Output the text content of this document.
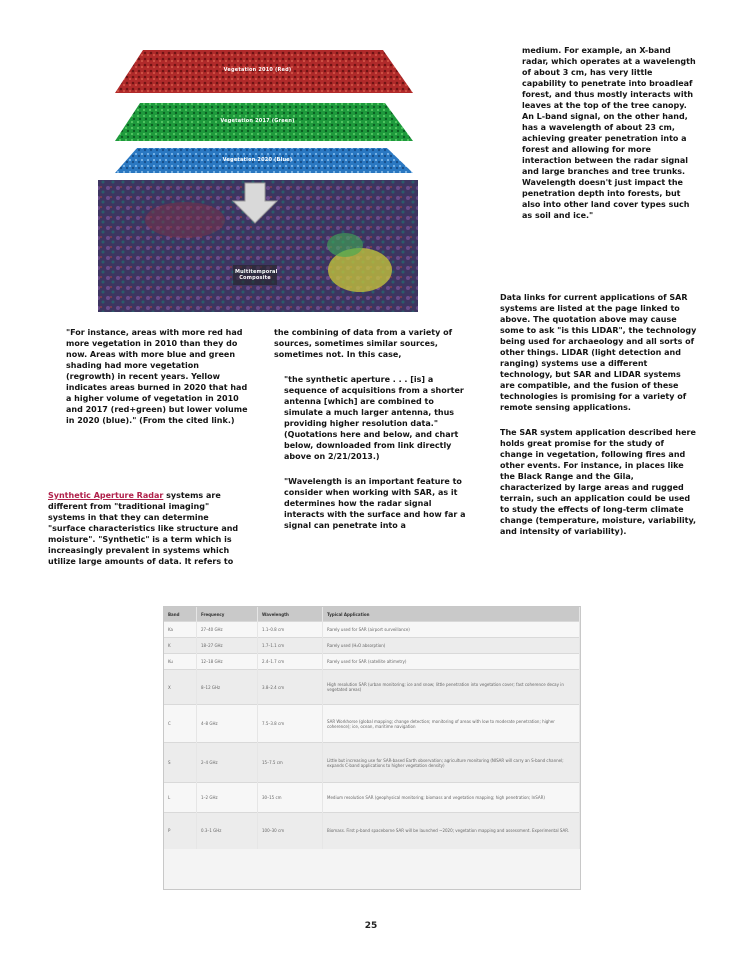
Vegetation 2010 (Red)
Vegetation 2017 (Green)
Vegetation 2020 (Blue)
Multitemporal Composite

"For instance, areas with more red had more vegetation in 2010 than they do now. Areas with more blue and green shading had more vegetation (regrowth) in recent years. Yellow indicates areas burned in 2020 that had a higher volume of vegetation in 2010 and 2017 (red+green) but lower volume in 2020 (blue)." (From the cited link.)

Synthetic Aperture Radar systems are different from "traditional imaging" systems in that they can determine "surface characteristics like structure and moisture". "Synthetic" is a term which is increasingly prevalent in systems which utilize large amounts of data. It refers to

the combining of data from a variety of sources, sometimes similar sources, sometimes not. In this case,

"the synthetic aperture . . . [is] a sequence of acquisitions from a shorter antenna [which] are combined to simulate a much larger antenna, thus providing higher resolution data." (Quotations here and below, and chart below, downloaded from link directly above on 2/21/2013.)

"Wavelength is an important feature to consider when working with SAR, as it determines how the radar signal interacts with the surface and how far a signal can penetrate into a

medium. For example, an X-band radar, which operates at a wavelength of about 3 cm, has very little capability to penetrate into broadleaf forest, and thus mostly interacts with leaves at the top of the tree canopy. An L-band signal, on the other hand, has a wavelength of about 23 cm, achieving greater penetration into a forest and allowing for more interaction between the radar signal and large branches and tree trunks. Wavelength doesn't just impact the penetration depth into forests, but also into other land cover types such as soil and ice."

Data links for current applications of SAR systems are listed at the page linked to above. The quotation above may cause some to ask "is this LIDAR", the technology being used for archaeology and all sorts of other things. LIDAR (light detection and ranging) systems use a different technology, but SAR and LIDAR systems are compatible, and the fusion of these technologies is promising for a variety of remote sensing applications.

The SAR system application described here holds great promise for the study of change in vegetation, following fires and other events. For instance, in places like the Black Range and the Gila, characterized by large areas and rugged terrain, such an application could be used to study the effects of long-term climate change (temperature, moisture, variability, and intensity of variability).

Band	Frequency	Wavelength	Typical Application
Ka	27–40 GHz	1.1–0.8 cm	Rarely used for SAR (airport surveillance)
K	18–27 GHz	1.7–1.1 cm	Rarely used (H₂O absorption)
Ku	12–18 GHz	2.4–1.7 cm	Rarely used for SAR (satellite altimetry)
X	8–12 GHz	3.8–2.4 cm	High resolution SAR (urban monitoring; ice and snow; little penetration into vegetation cover; fast coherence decay in vegetated areas)
C	4–8 GHz	7.5–3.8 cm	SAR Workhorse (global mapping; change detection; monitoring of areas with low to moderate penetration; higher coherence); ice, ocean, maritime navigation
S	2–4 GHz	15–7.5 cm	Little but increasing use for SAR-based Earth observation; agriculture monitoring (NISAR will carry an S-band channel; expands C-band applications to higher vegetation density)
L	1–2 GHz	30–15 cm	Medium resolution SAR (geophysical monitoring; biomass and vegetation mapping; high penetration; InSAR)
P	0.3–1 GHz	100–30 cm	Biomass. First p-band spaceborne SAR will be launched ~2020; vegetation mapping and assessment. Experimental SAR.
25
